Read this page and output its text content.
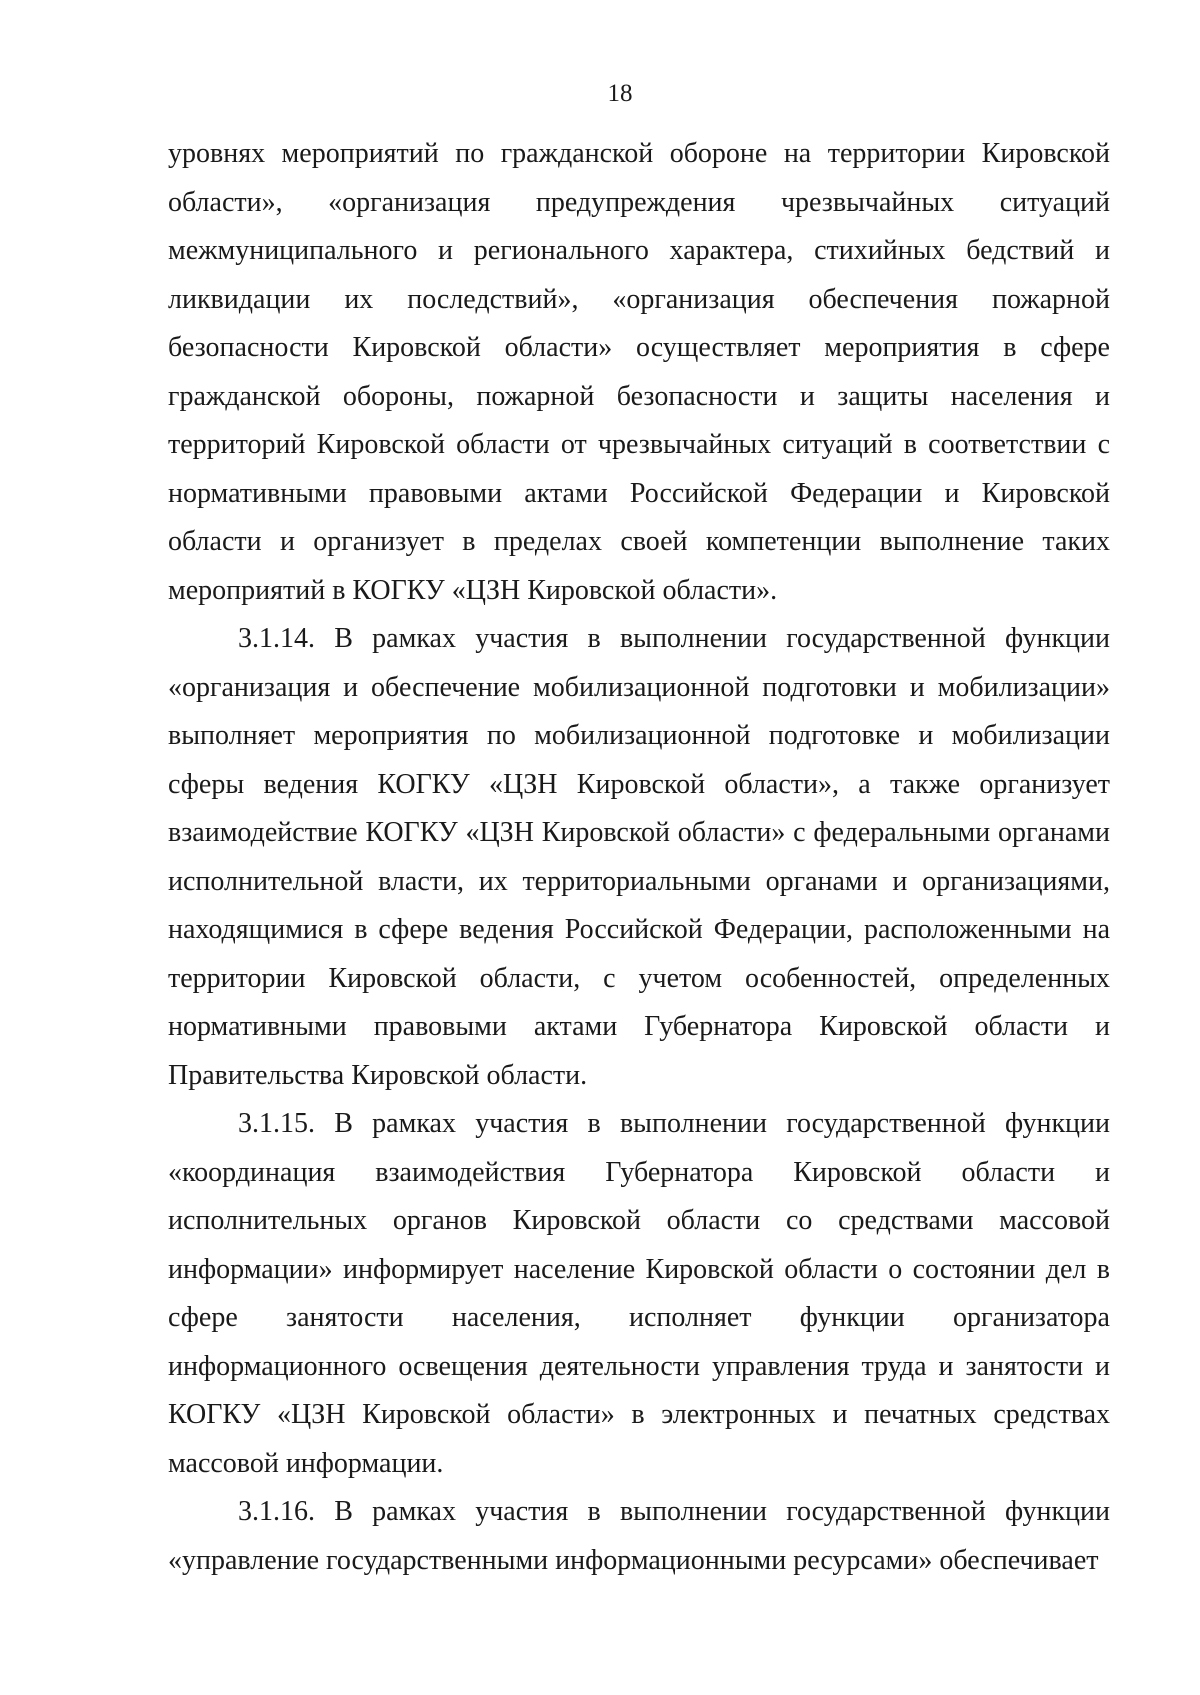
18

уровнях мероприятий по гражданской обороне на территории Кировской области», «организация предупреждения чрезвычайных ситуаций межмуниципального и регионального характера, стихийных бедствий и ликвидации их последствий», «организация обеспечения пожарной безопасности Кировской области» осуществляет мероприятия в сфере гражданской обороны, пожарной безопасности и защиты населения и территорий Кировской области от чрезвычайных ситуаций в соответствии с нормативными правовыми актами Российской Федерации и Кировской области и организует в пределах своей компетенции выполнение таких мероприятий в КОГКУ «ЦЗН Кировской области».

3.1.14. В рамках участия в выполнении государственной функции «организация и обеспечение мобилизационной подготовки и мобилизации» выполняет мероприятия по мобилизационной подготовке и мобилизации сферы ведения КОГКУ «ЦЗН Кировской области», а также организует взаимодействие КОГКУ «ЦЗН Кировской области» с федеральными органами исполнительной власти, их территориальными органами и организациями, находящимися в сфере ведения Российской Федерации, расположенными на территории Кировской области, с учетом особенностей, определенных нормативными правовыми актами Губернатора Кировской области и Правительства Кировской области.

3.1.15. В рамках участия в выполнении государственной функции «координация взаимодействия Губернатора Кировской области и исполнительных органов Кировской области со средствами массовой информации» информирует население Кировской области о состоянии дел в сфере занятости населения, исполняет функции организатора информационного освещения деятельности управления труда и занятости и КОГКУ «ЦЗН Кировской области» в электронных и печатных средствах массовой информации.

3.1.16. В рамках участия в выполнении государственной функции «управление государственными информационными ресурсами» обеспечивает
